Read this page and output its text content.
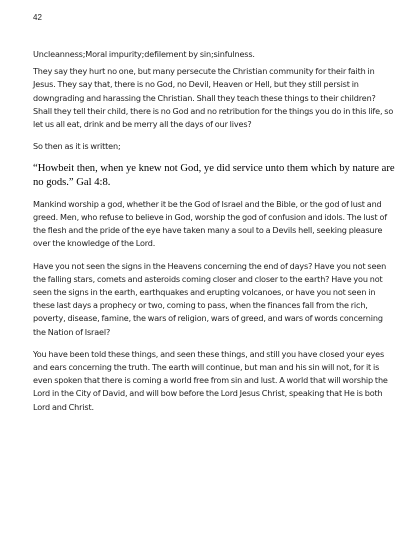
42

Uncleanness;Moral impurity;defilement by sin;sinfulness.

They say they hurt no one, but many persecute the Christian community for their faith in Jesus. They say that, there is no God, no Devil, Heaven or Hell, but they still persist in downgrading and harassing the Christian. Shall they teach these things to their children? Shall they tell their child, there is no God and no retribution for the things you do in this life, so let us all eat, drink and be merry all the days of our lives?

So then as it is written;

“Howbeit then, when ye knew not God, ye did service unto them which by nature are no gods.” Gal 4:8.

Mankind worship a god, whether it be the God of Israel and the Bible, or the god of lust and greed. Men, who refuse to believe in God, worship the god of confusion and idols. The lust of the flesh and the pride of the eye have taken many a soul to a Devils hell, seeking pleasure over the knowledge of the Lord.

Have you not seen the signs in the Heavens concerning the end of days? Have you not seen the falling stars, comets and asteroids coming closer and closer to the earth? Have you not seen the signs in the earth, earthquakes and erupting volcanoes, or have you not seen in these last days a prophecy or two, coming to pass, when the finances fall from the rich, poverty, disease, famine, the wars of religion, wars of greed, and wars of words concerning the Nation of Israel?

You have been told these things, and seen these things, and still you have closed your eyes and ears concerning the truth. The earth will continue, but man and his sin will not, for it is even spoken that there is coming a world free from sin and lust. A world that will worship the Lord in the City of David, and will bow before the Lord Jesus Christ, speaking that He is both Lord and Christ.
